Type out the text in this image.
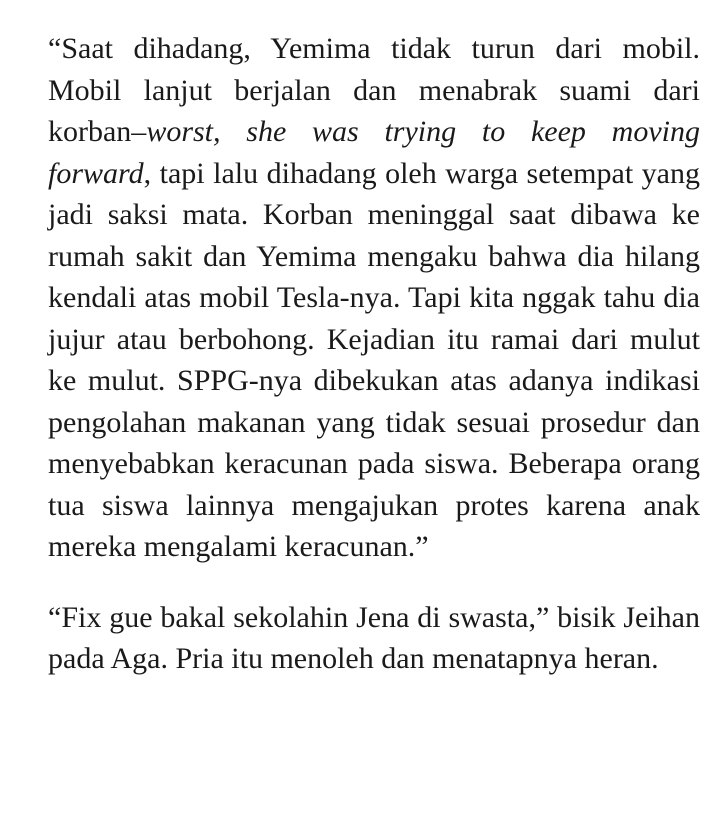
“Saat dihadang, Yemima tidak turun dari mobil. Mobil lanjut berjalan dan menabrak suami dari korban–worst, she was trying to keep moving forward, tapi lalu dihadang oleh warga setempat yang jadi saksi mata. Korban meninggal saat dibawa ke rumah sakit dan Yemima mengaku bahwa dia hilang kendali atas mobil Tesla-nya. Tapi kita nggak tahu dia jujur atau berbohong. Kejadian itu ramai dari mulut ke mulut. SPPG-nya dibekukan atas adanya indikasi pengolahan makanan yang tidak sesuai prosedur dan menyebabkan keracunan pada siswa. Beberapa orang tua siswa lainnya mengajukan protes karena anak mereka mengalami keracunan.”

“Fix gue bakal sekolahin Jena di swasta,” bisik Jeihan pada Aga. Pria itu menoleh dan menatapnya heran.
